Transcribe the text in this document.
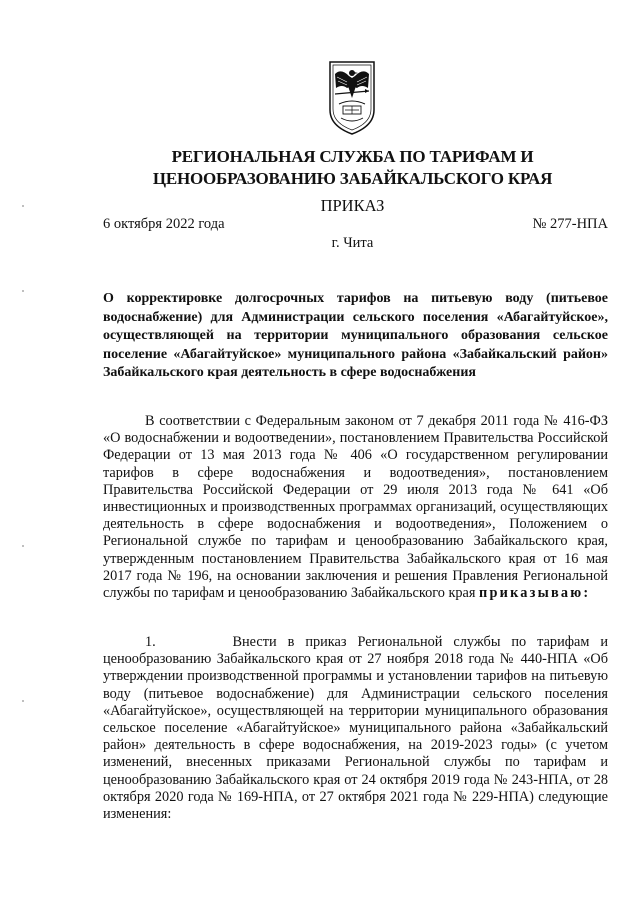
РЕГИОНАЛЬНАЯ СЛУЖБА ПО ТАРИФАМ И
ЦЕНООБРАЗОВАНИЮ ЗАБАЙКАЛЬСКОГО КРАЯ
ПРИКАЗ
6 октября 2022 года	№ 277-НПА
г. Чита
О корректировке долгосрочных тарифов на питьевую воду (питьевое водоснабжение) для Администрации сельского поселения «Абагайтуйское», осуществляющей на территории муниципального образования сельское поселение «Абагайтуйское» муниципального района «Забайкальский район» Забайкальского края деятельность в сфере водоснабжения
В соответствии с Федеральным законом от 7 декабря 2011 года № 416-ФЗ «О водоснабжении и водоотведении», постановлением Правительства Российской Федерации от 13 мая 2013 года № 406 «О государственном регулировании тарифов в сфере водоснабжения и водоотведения», постановлением Правительства Российской Федерации от 29 июля 2013 года № 641 «Об инвестиционных и производственных программах организаций, осуществляющих деятельность в сфере водоснабжения и водоотведения», Положением о Региональной службе по тарифам и ценообразованию Забайкальского края, утвержденным постановлением Правительства Забайкальского края от 16 мая 2017 года № 196, на основании заключения и решения Правления Региональной службы по тарифам и ценообразованию Забайкальского края приказываю:
1.	Внести в приказ Региональной службы по тарифам и ценообразованию Забайкальского края от 27 ноября 2018 года № 440-НПА «Об утверждении производственной программы и установлении тарифов на питьевую воду (питьевое водоснабжение) для Администрации сельского поселения «Абагайтуйское», осуществляющей на территории муниципального образования сельское поселение «Абагайтуйское» муниципального района «Забайкальский район» деятельность в сфере водоснабжения, на 2019-2023 годы» (с учетом изменений, внесенных приказами Региональной службы по тарифам и ценообразованию Забайкальского края от 24 октября 2019 года № 243-НПА, от 28 октября 2020 года № 169-НПА, от 27 октября 2021 года № 229-НПА) следующие изменения:
